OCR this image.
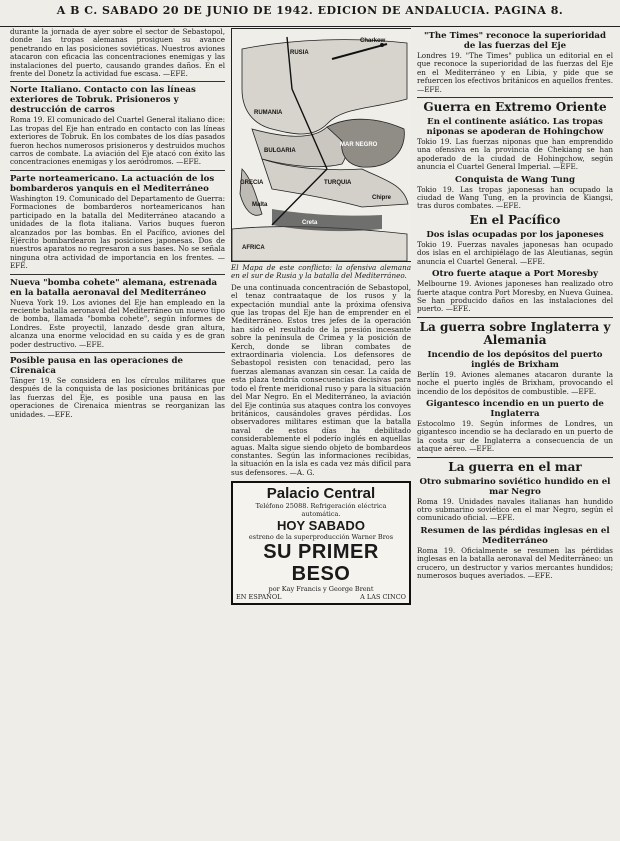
A B C. SABADO 20 DE JUNIO DE 1942. EDICION DE ANDALUCIA. PAGINA 8.

durante la jornada de ayer sobre el sector de Sebastopol, donde las tropas alemanas prosiguen su avance penetrando en las posiciones soviéticas. Nuestros aviones atacaron con eficacia las concentraciones enemigas y las instalaciones del puerto, causando grandes daños. En el frente del Donetz la actividad fue escasa. —EFE.

Norte Italiano. Contacto con las líneas exteriores de Tobruk. Prisioneros y destrucción de carros

Roma 19. El comunicado del Cuartel General italiano dice: Las tropas del Eje han entrado en contacto con las líneas exteriores de Tobruk. En los combates de los días pasados fueron hechos numerosos prisioneros y destruidos muchos carros de combate. La aviación del Eje atacó con éxito las concentraciones enemigas y los aeródromos. —EFE.

Parte norteamericano. La actuación de los bombarderos yanquis en el Mediterráneo

Washington 19. Comunicado del Departamento de Guerra: Formaciones de bombarderos norteamericanos han participado en la batalla del Mediterráneo atacando a unidades de la flota italiana. Varios buques fueron alcanzados por las bombas. En el Pacífico, aviones del Ejército bombardearon las posiciones japonesas. Dos de nuestros aparatos no regresaron a sus bases. No se señala ninguna otra actividad de importancia en los frentes. —EFE.

Nueva "bomba cohete" alemana, estrenada en la batalla aeronaval del Mediterráneo

Nueva York 19. Los aviones del Eje han empleado en la reciente batalla aeronaval del Mediterráneo un nuevo tipo de bomba, llamada "bomba cohete", según informes de Londres. Este proyectil, lanzado desde gran altura, alcanza una enorme velocidad en su caída y es de gran poder destructivo. —EFE.

Posible pausa en las operaciones de Cirenaica

Tánger 19. Se considera en los círculos militares que después de la conquista de las posiciones británicas por las fuerzas del Eje, es posible una pausa en las operaciones de Cirenaica mientras se reorganizan las unidades. —EFE.

RUSIA
Charkow
RUMANIA
BULGARIA
MAR NEGRO
TURQUIA
GRECIA
Creta
AFRICA
Malta
Chipre

El Mapa de este conflicto: la ofensiva alemana en el sur de Rusia y la batalla del Mediterráneo.

De una continuada concentración de Sebastopol, el tenaz contraataque de los rusos y la expectación mundial ante la próxima ofensiva que las tropas del Eje han de emprender en el Mediterráneo. Estos tres jefes de la operación han sido el resultado de la presión incesante sobre la península de Crimea y la posición de Kerch, donde se libran combates de extraordinaria violencia. Los defensores de Sebastopol resisten con tenacidad, pero las fuerzas alemanas avanzan sin cesar. La caída de esta plaza tendría consecuencias decisivas para todo el frente meridional ruso y para la situación del Mar Negro. En el Mediterráneo, la aviación del Eje continúa sus ataques contra los convoyes británicos, causándoles graves pérdidas. Los observadores militares estiman que la batalla naval de estos días ha debilitado considerablemente el poderío inglés en aquellas aguas. Malta sigue siendo objeto de bombardeos constantes. Según las informaciones recibidas, la situación en la isla es cada vez más difícil para sus defensores. —A. G.

Palacio Central
Teléfono 25088. Refrigeración eléctrica automática.
HOY SABADO
estreno de la superproducción Warner Bros
SU PRIMER BESO
por Kay Francis y George Brent
EN ESPAÑOL	A LAS CINCO
"The Times" reconoce la superioridad de las fuerzas del Eje

Londres 19. "The Times" publica un editorial en el que reconoce la superioridad de las fuerzas del Eje en el Mediterráneo y en Libia, y pide que se refuercen los efectivos británicos en aquellos frentes. —EFE.

Guerra en Extremo Oriente
En el continente asiático. Las tropas niponas se apoderan de Hohingchow

Tokio 19. Las fuerzas niponas que han emprendido una ofensiva en la provincia de Chekiang se han apoderado de la ciudad de Hohingchow, según anuncia el Cuartel General Imperial. —EFE.

Conquista de Wang Tung

Tokio 19. Las tropas japonesas han ocupado la ciudad de Wang Tung, en la provincia de Kiangsi, tras duros combates. —EFE.

En el Pacífico
Dos islas ocupadas por los japoneses

Tokio 19. Fuerzas navales japonesas han ocupado dos islas en el archipiélago de las Aleutianas, según anuncia el Cuartel General. —EFE.

Otro fuerte ataque a Port Moresby

Melbourne 19. Aviones japoneses han realizado otro fuerte ataque contra Port Moresby, en Nueva Guinea. Se han producido daños en las instalaciones del puerto. —EFE.

La guerra sobre Inglaterra y Alemania
Incendio de los depósitos del puerto inglés de Brixham

Berlín 19. Aviones alemanes atacaron durante la noche el puerto inglés de Brixham, provocando el incendio de los depósitos de combustible. —EFE.

Gigantesco incendio en un puerto de Inglaterra

Estocolmo 19. Según informes de Londres, un gigantesco incendio se ha declarado en un puerto de la costa sur de Inglaterra a consecuencia de un ataque aéreo. —EFE.

La guerra en el mar
Otro submarino soviético hundido en el mar Negro

Roma 19. Unidades navales italianas han hundido otro submarino soviético en el mar Negro, según el comunicado oficial. —EFE.

Resumen de las pérdidas inglesas en el Mediterráneo

Roma 19. Oficialmente se resumen las pérdidas inglesas en la batalla aeronaval del Mediterráneo: un crucero, un destructor y varios mercantes hundidos; numerosos buques averiados. —EFE.
